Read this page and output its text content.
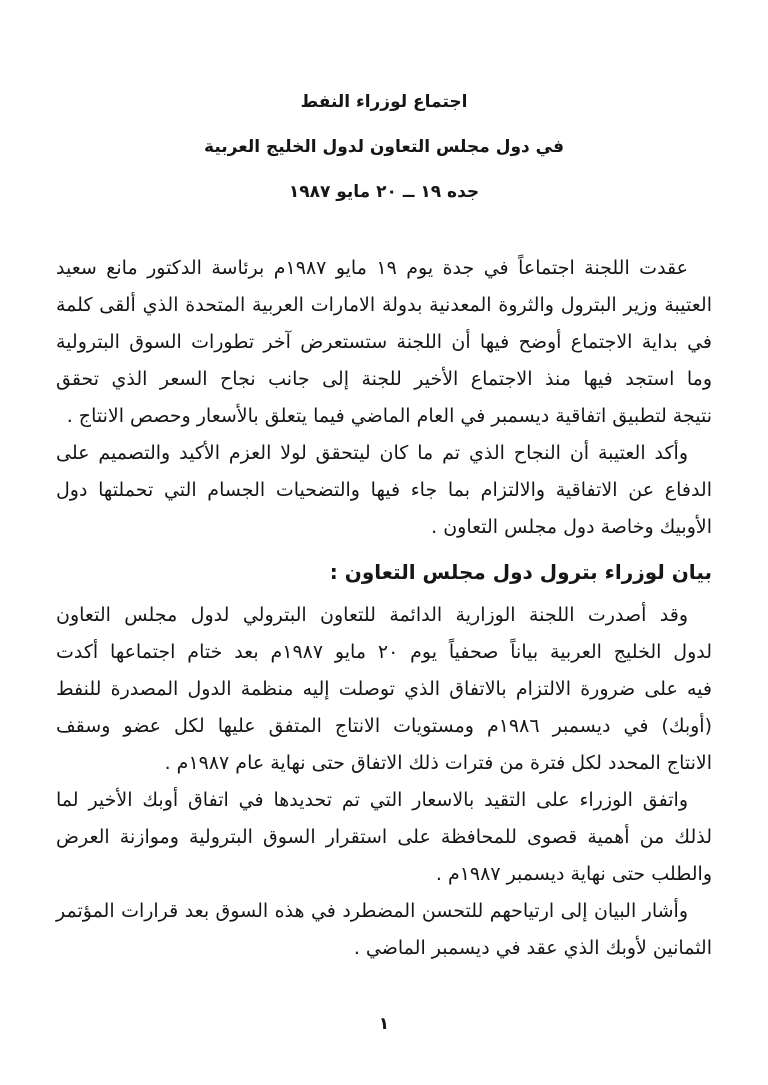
اجتماع لوزراء النفط
في دول مجلس التعاون لدول الخليج العربية
جده ١٩ ــ ٢٠ مايو ١٩٨٧
عقدت اللجنة اجتماعاً في جدة يوم ١٩ مايو ١٩٨٧م برئاسة الدكتور مانع سعيد
العتيبة وزير البترول والثروة المعدنية بدولة الامارات العربية المتحدة الذي ألقى كلمة
في بداية الاجتماع أوضح فيها أن اللجنة ستستعرض آخر تطورات السوق البترولية
وما استجد فيها منذ الاجتماع الأخير للجنة إلى جانب نجاح السعر الذي تحقق
نتيجة لتطبيق اتفاقية ديسمبر في العام الماضي فيما يتعلق بالأسعار وحصص الانتاج .
وأكد العتيبة أن النجاح الذي تم ما كان ليتحقق لولا العزم الأكيد والتصميم على
الدفاع عن الاتفاقية والالتزام بما جاء فيها والتضحيات الجسام التي تحملتها دول
الأوبيك وخاصة دول مجلس التعاون .
بيان لوزراء بترول دول مجلس التعاون :
وقد أصدرت اللجنة الوزارية الدائمة للتعاون البترولي لدول مجلس التعاون
لدول الخليج العربية بياناً صحفياً يوم ٢٠ مايو ١٩٨٧م بعد ختام اجتماعها أكدت
فيه على ضرورة الالتزام بالاتفاق الذي توصلت إليه منظمة الدول المصدرة للنفط
(أوبك) في ديسمبر ١٩٨٦م ومستويات الانتاج المتفق عليها لكل عضو وسقف
الانتاج المحدد لكل فترة من فترات ذلك الاتفاق حتى نهاية عام ١٩٨٧م .
واتفق الوزراء على التقيد بالاسعار التي تم تحديدها في اتفاق أوبك الأخير لما
لذلك من أهمية قصوى للمحافظة على استقرار السوق البترولية وموازنة العرض
والطلب حتى نهاية ديسمبر ١٩٨٧م .
وأشار البيان إلى ارتياحهم للتحسن المضطرد في هذه السوق بعد قرارات المؤتمر
الثمانين لأوبك الذي عقد في ديسمبر الماضي .
١
